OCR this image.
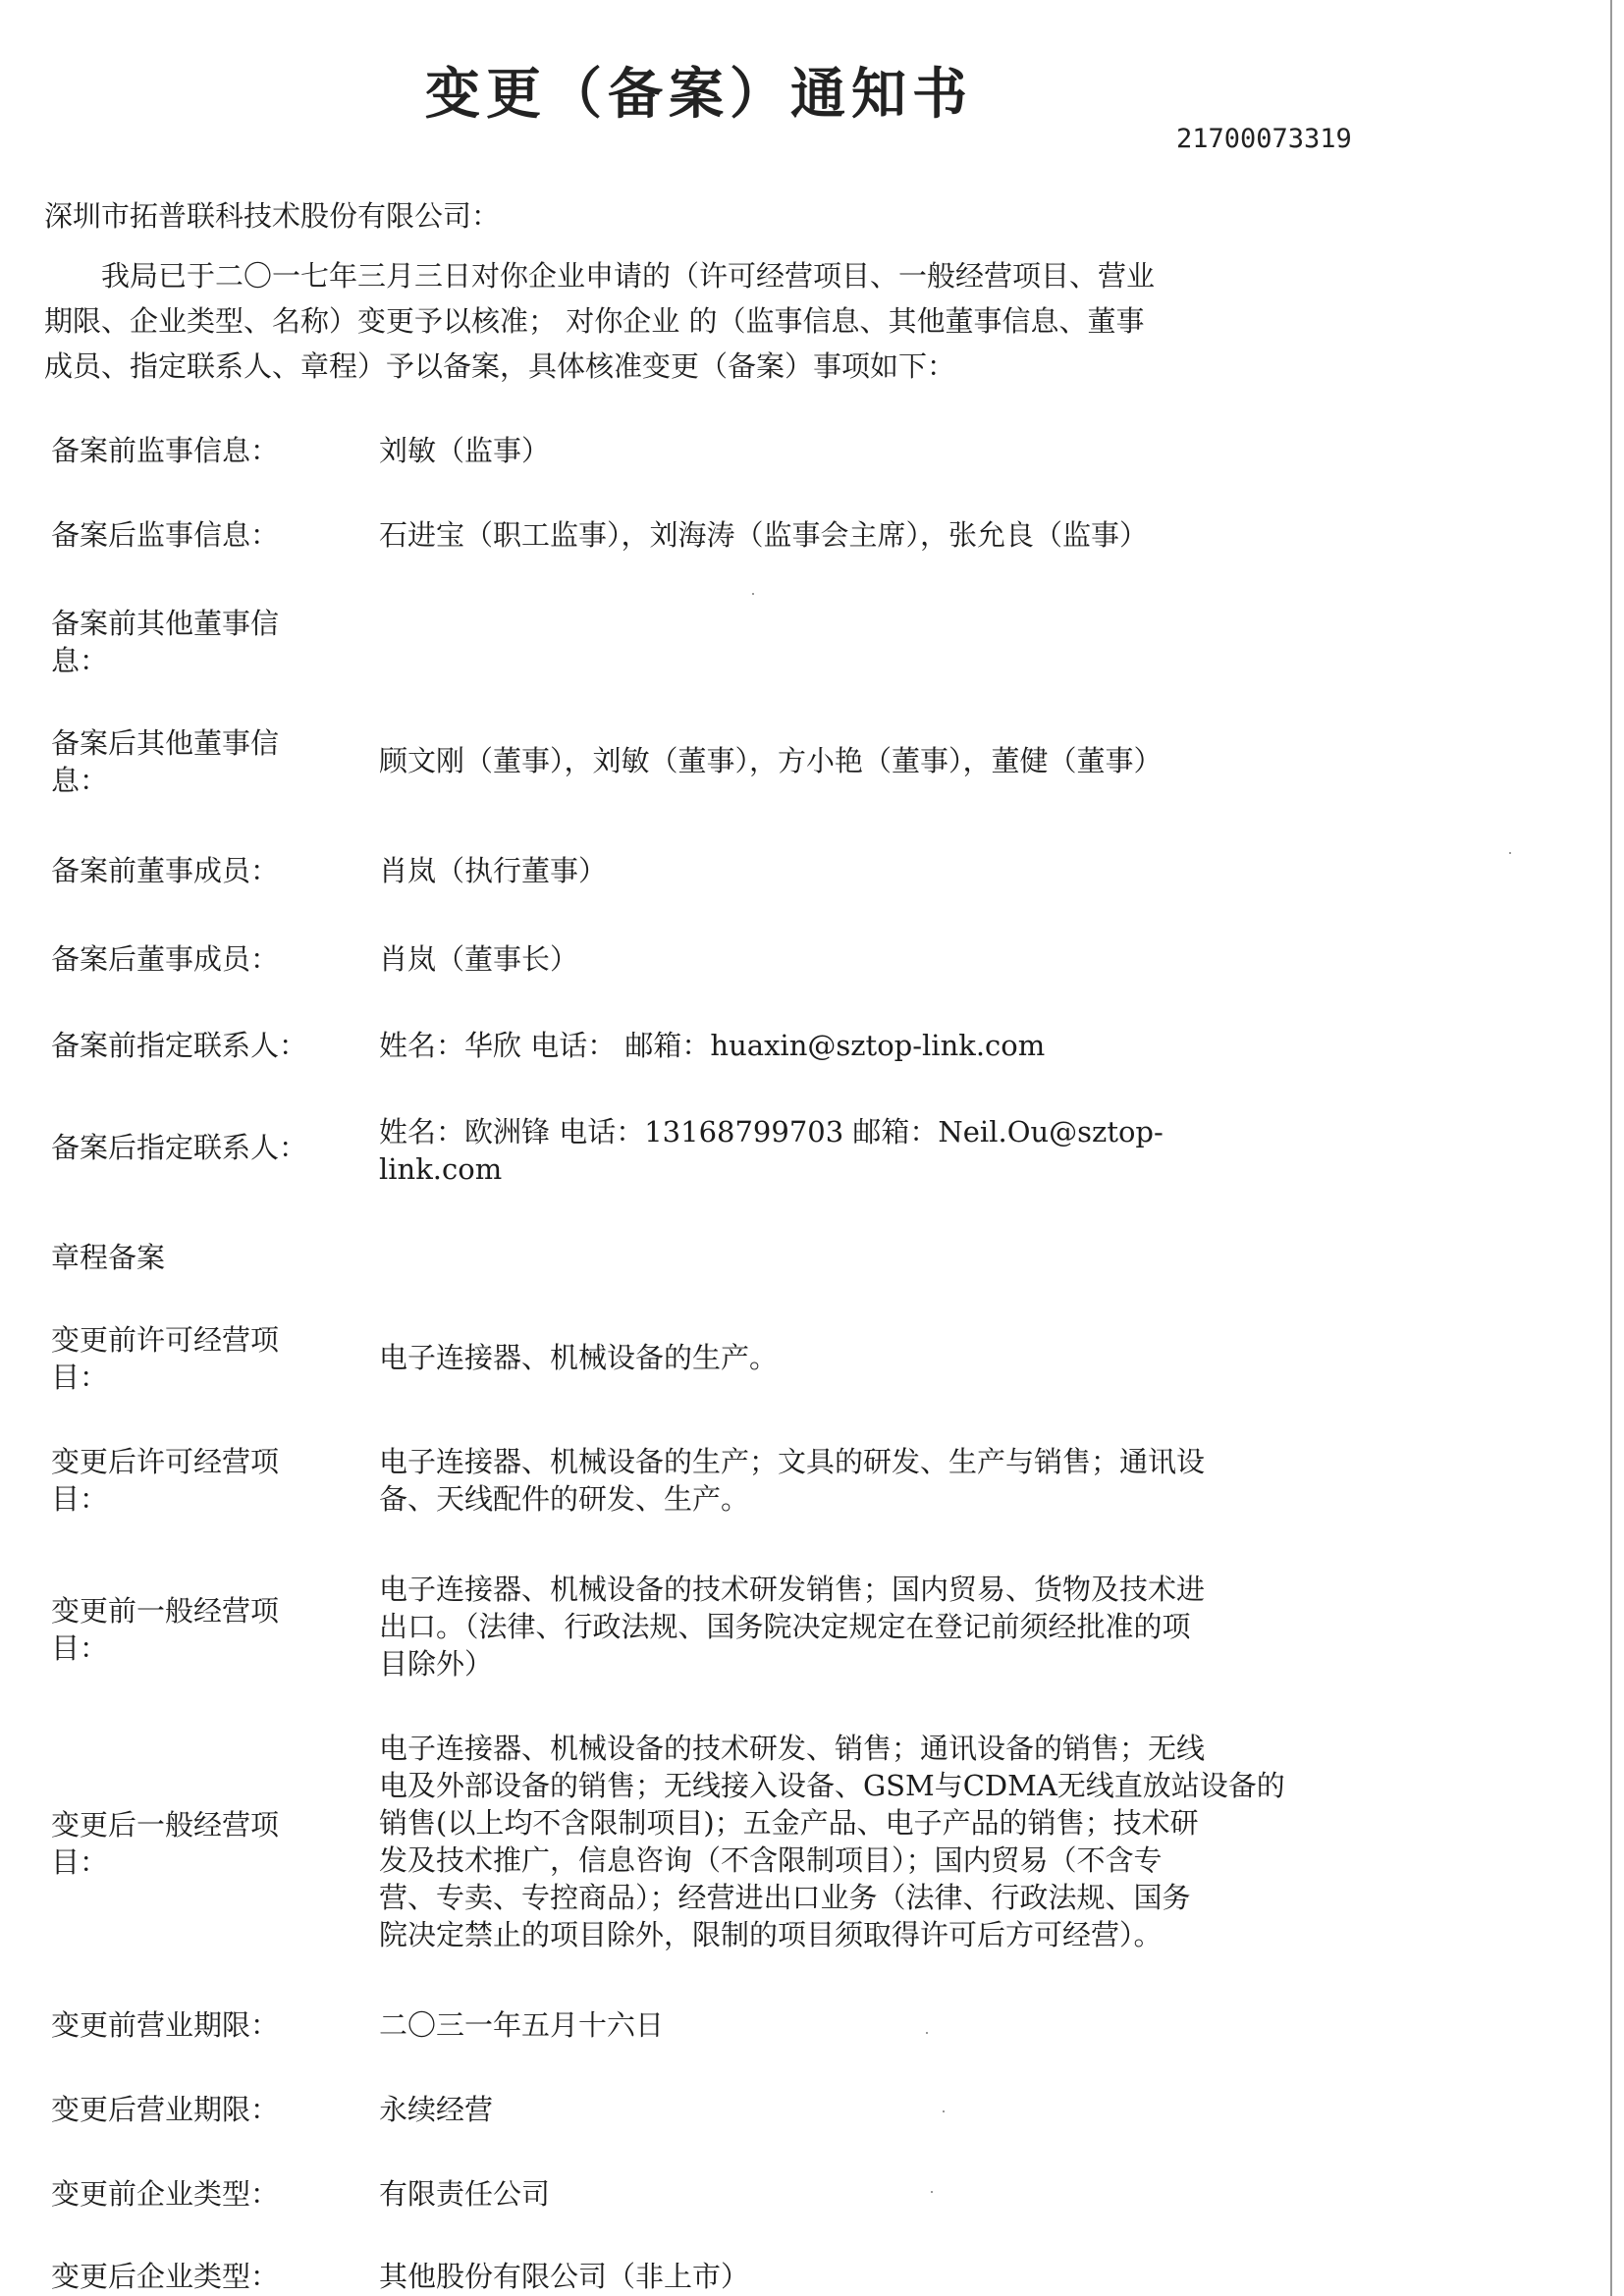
变更（备案）通知书
21700073319
深圳市拓普联科技术股份有限公司：
我局已于二〇一七年三月三日对你企业申请的（许可经营项目、一般经营项目、营业
期限、企业类型、名称）变更予以核准； 对你企业 的（监事信息、其他董事信息、董事
成员、指定联系人、章程）予以备案，具体核准变更（备案）事项如下：
备案前监事信息：	刘敏（监事）
备案后监事信息：	石进宝（职工监事），刘海涛（监事会主席），张允良（监事）
备案前其他董事信
息：
备案后其他董事信
息：
顾文刚（董事），刘敏（董事），方小艳（董事），董健（董事）
备案前董事成员：	肖岚（执行董事）
备案后董事成员：	肖岚（董事长）
备案前指定联系人：	姓名：华欣 电话： 邮箱：huaxin@sztop-link.com
备案后指定联系人：	姓名：欧洲锋 电话：13168799703 邮箱：Neil.Ou@sztop-
link.com
章程备案
变更前许可经营项
目：
电子连接器、机械设备的生产。
变更后许可经营项
目：
电子连接器、机械设备的生产；文具的研发、生产与销售；通讯设
备、天线配件的研发、生产。
变更前一般经营项
目：
电子连接器、机械设备的技术研发销售；国内贸易、货物及技术进
出口。（法律、行政法规、国务院决定规定在登记前须经批准的项
目除外）
变更后一般经营项
目：
电子连接器、机械设备的技术研发、销售；通讯设备的销售；无线
电及外部设备的销售；无线接入设备、GSM与CDMA无线直放站设备的
销售(以上均不含限制项目)；五金产品、电子产品的销售；技术研
发及技术推广，信息咨询（不含限制项目）；国内贸易（不含专
营、专卖、专控商品）；经营进出口业务（法律、行政法规、国务
院决定禁止的项目除外，限制的项目须取得许可后方可经营）。
变更前营业期限：	二〇三一年五月十六日
变更后营业期限：	永续经营
变更前企业类型：	有限责任公司
变更后企业类型：	其他股份有限公司（非上市）
